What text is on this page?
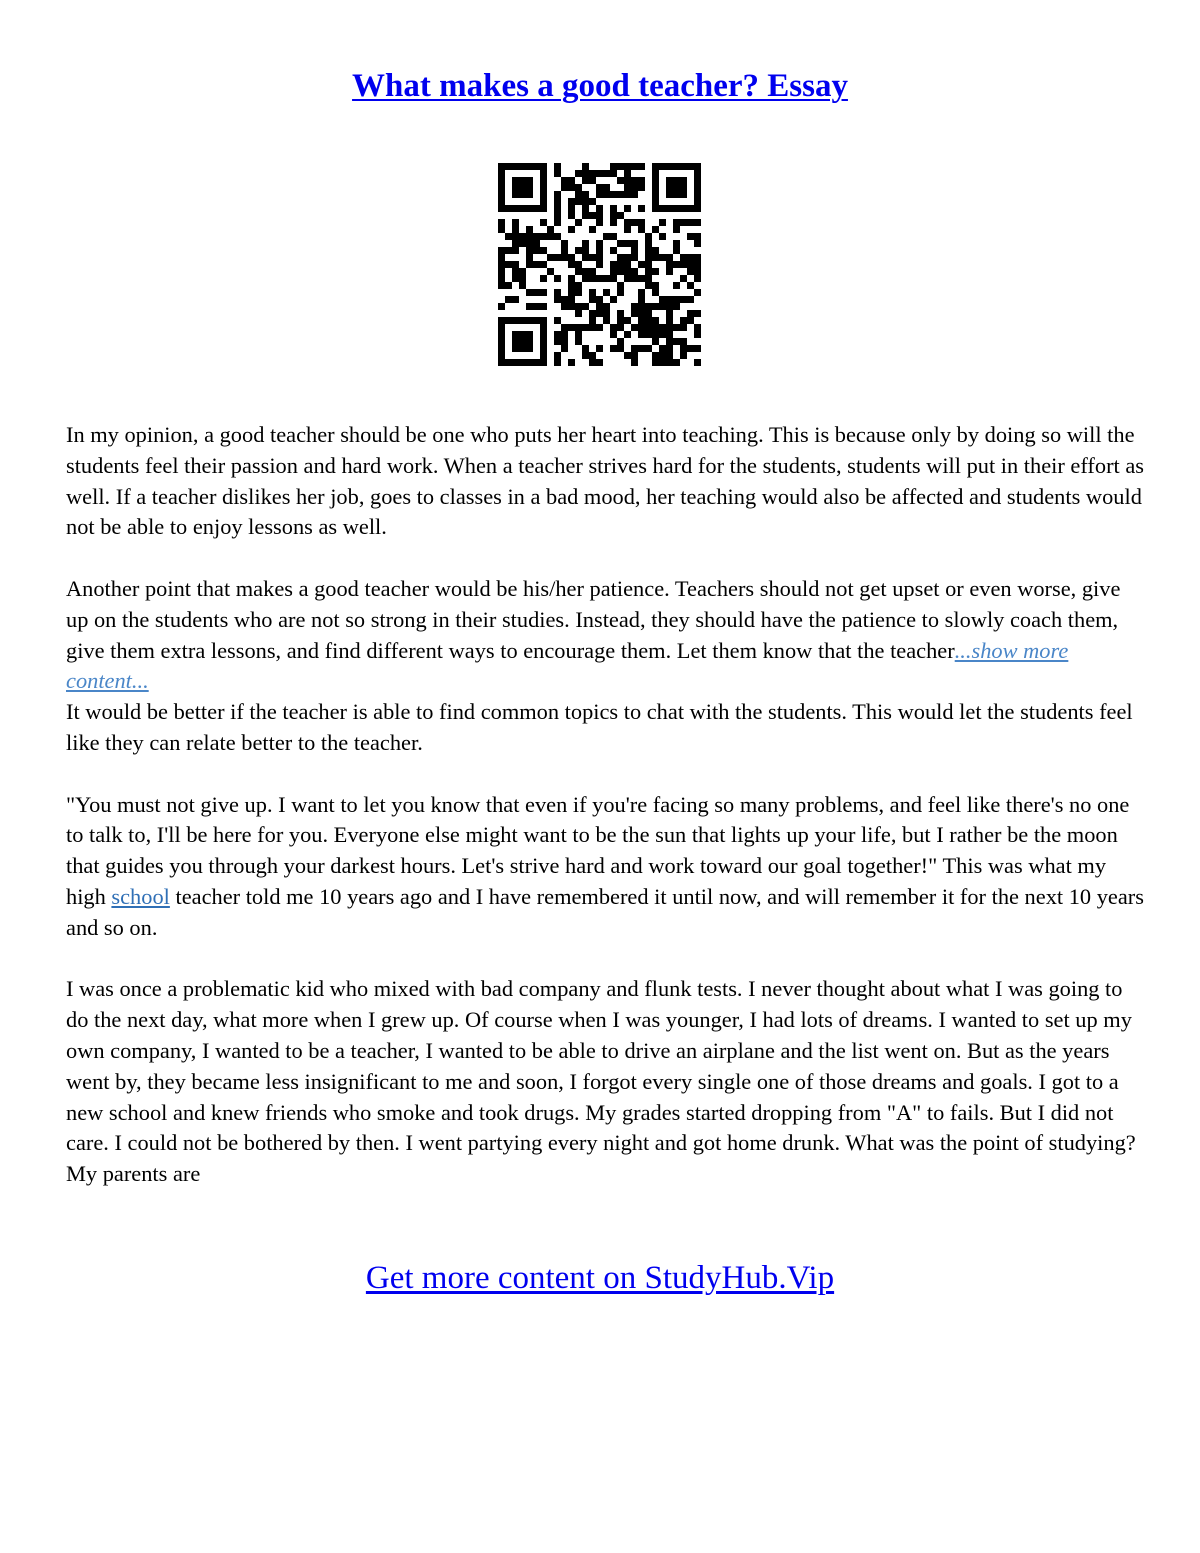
What makes a good teacher? Essay

In my opinion, a good teacher should be one who puts her heart into teaching. This is because only by doing so will the students feel their passion and hard work. When a teacher strives hard for the students, students will put in their effort as well. If a teacher dislikes her job, goes to classes in a bad mood, her teaching would also be affected and students would not be able to enjoy lessons as well.

Another point that makes a good teacher would be his/her patience. Teachers should not get upset or even worse, give up on the students who are not so strong in their studies. Instead, they should have the patience to slowly coach them, give them extra lessons, and find different ways to encourage them. Let them know that the teacher...show more content...

It would be better if the teacher is able to find common topics to chat with the students. This would let the students feel like they can relate better to the teacher.

"You must not give up. I want to let you know that even if you're facing so many problems, and feel like there's no one to talk to, I'll be here for you. Everyone else might want to be the sun that lights up your life, but I rather be the moon that guides you through your darkest hours. Let's strive hard and work toward our goal together!" This was what my high school teacher told me 10 years ago and I have remembered it until now, and will remember it for the next 10 years and so on.

I was once a problematic kid who mixed with bad company and flunk tests. I never thought about what I was going to do the next day, what more when I grew up. Of course when I was younger, I had lots of dreams. I wanted to set up my own company, I wanted to be a teacher, I wanted to be able to drive an airplane and the list went on. But as the years went by, they became less insignificant to me and soon, I forgot every single one of those dreams and goals. I got to a new school and knew friends who smoke and took drugs. My grades started dropping from "A" to fails. But I did not care. I could not be bothered by then. I went partying every night and got home drunk. What was the point of studying? My parents are

Get more content on StudyHub.Vip
